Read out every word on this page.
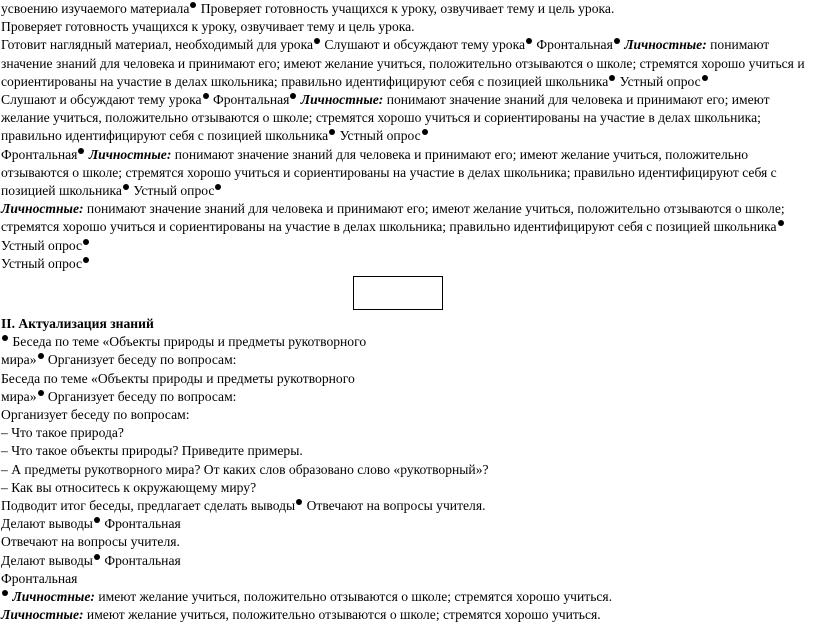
усвоению изучаемого материала Проверяет готовность учащихся к уроку, озвучивает тему и цель урока.
Проверяет готовность учащихся к уроку, озвучивает тему и цель урока.
Готовит наглядный материал, необходимый для урока Слушают и обсуждают тему урока Фронтальная Личностные: понимают значение знаний для человека и принимают его; имеют желание учиться, положительно отзываются о школе; стремятся хорошо учиться и сориентированы на участие в делах школьника; правильно идентифицируют себя с позицией школьника Устный опрос
Слушают и обсуждают тему урока Фронтальная Личностные: понимают значение знаний для человека и принимают его; имеют желание учиться, положительно отзываются о школе; стремятся хорошо учиться и сориентированы на участие в делах школьника; правильно идентифицируют себя с позицией школьника Устный опрос
Фронтальная Личностные: понимают значение знаний для человека и принимают его; имеют желание учиться, положительно отзываются о школе; стремятся хорошо учиться и сориентированы на участие в делах школьника; правильно идентифицируют себя с позицией школьника Устный опрос
Личностные: понимают значение знаний для человека и принимают его; имеют желание учиться, положительно отзываются о школе; стремятся хорошо учиться и сориентированы на участие в делах школьника; правильно идентифицируют себя с позицией школьника Устный опрос
Устный опрос
II. Актуализация знаний
Беседа по теме «Объекты природы и предметы рукотворного
мира» Организует беседу по вопросам:
Беседа по теме «Объекты природы и предметы рукотворного
мира» Организует беседу по вопросам:
Организует беседу по вопросам:
– Что такое природа?
– Что такое объекты природы? Приведите примеры.
– А предметы рукотворного мира? От каких слов образовано слово «рукотворный»?
– Как вы относитесь к окружающему миру?
Подводит итог беседы, предлагает сделать выводы Отвечают на вопросы учителя.
Делают выводы Фронтальная
Отвечают на вопросы учителя.
Делают выводы Фронтальная
Фронтальная
Личностные: имеют желание учиться, положительно отзываются о школе; стремятся хорошо учиться.
Личностные: имеют желание учиться, положительно отзываются о школе; стремятся хорошо учиться.
